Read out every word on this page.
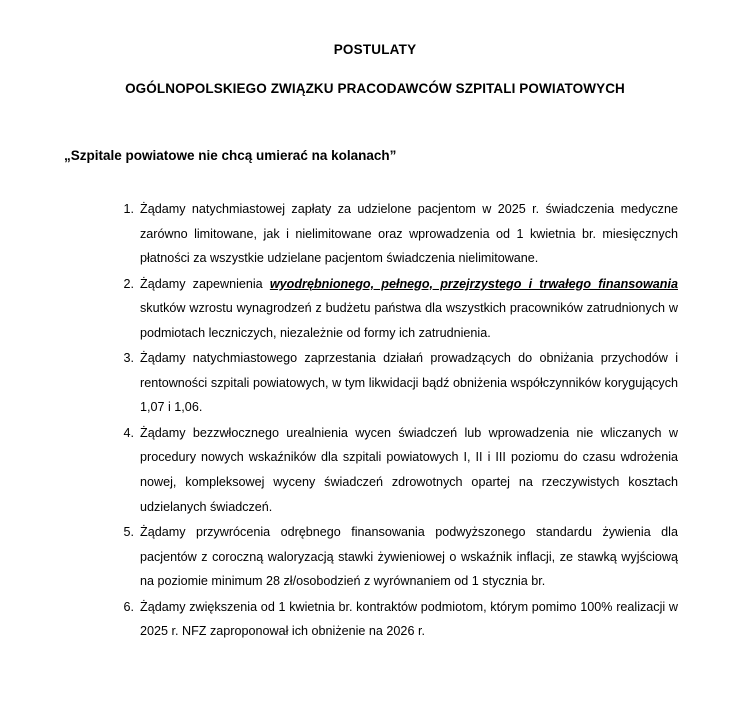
POSTULATY
OGÓLNOPOLSKIEGO ZWIĄZKU PRACODAWCÓW SZPITALI POWIATOWYCH
„Szpitale powiatowe nie chcą umierać na kolanach”
Żądamy natychmiastowej zapłaty za udzielone pacjentom w 2025 r. świadczenia medyczne zarówno limitowane, jak i nielimitowane oraz wprowadzenia od 1 kwietnia br. miesięcznych płatności za wszystkie udzielane pacjentom świadczenia nielimitowane.
Żądamy zapewnienia wyodrębnionego, pełnego, przejrzystego i trwałego finansowania skutków wzrostu wynagrodzeń z budżetu państwa dla wszystkich pracowników zatrudnionych w podmiotach leczniczych, niezależnie od formy ich zatrudnienia.
Żądamy natychmiastowego zaprzestania działań prowadzących do obniżania przychodów i rentowności szpitali powiatowych, w tym likwidacji bądź obniżenia współczynników korygujących 1,07 i 1,06.
Żądamy bezzwłocznego urealnienia wycen świadczeń lub wprowadzenia nie wliczanych w procedury nowych wskaźników dla szpitali powiatowych I, II i III poziomu do czasu wdrożenia nowej, kompleksowej wyceny świadczeń zdrowotnych opartej na rzeczywistych kosztach udzielanych świadczeń.
Żądamy przywrócenia odrębnego finansowania podwyższonego standardu żywienia dla pacjentów z coroczną waloryzacją stawki żywieniowej o wskaźnik inflacji, ze stawką wyjściową na poziomie minimum 28 zł/osobodzień z wyrównaniem od 1 stycznia br.
Żądamy zwiększenia od 1 kwietnia br. kontraktów podmiotom, którym pomimo 100% realizacji w 2025 r. NFZ zaproponował ich obniżenie na 2026 r.
